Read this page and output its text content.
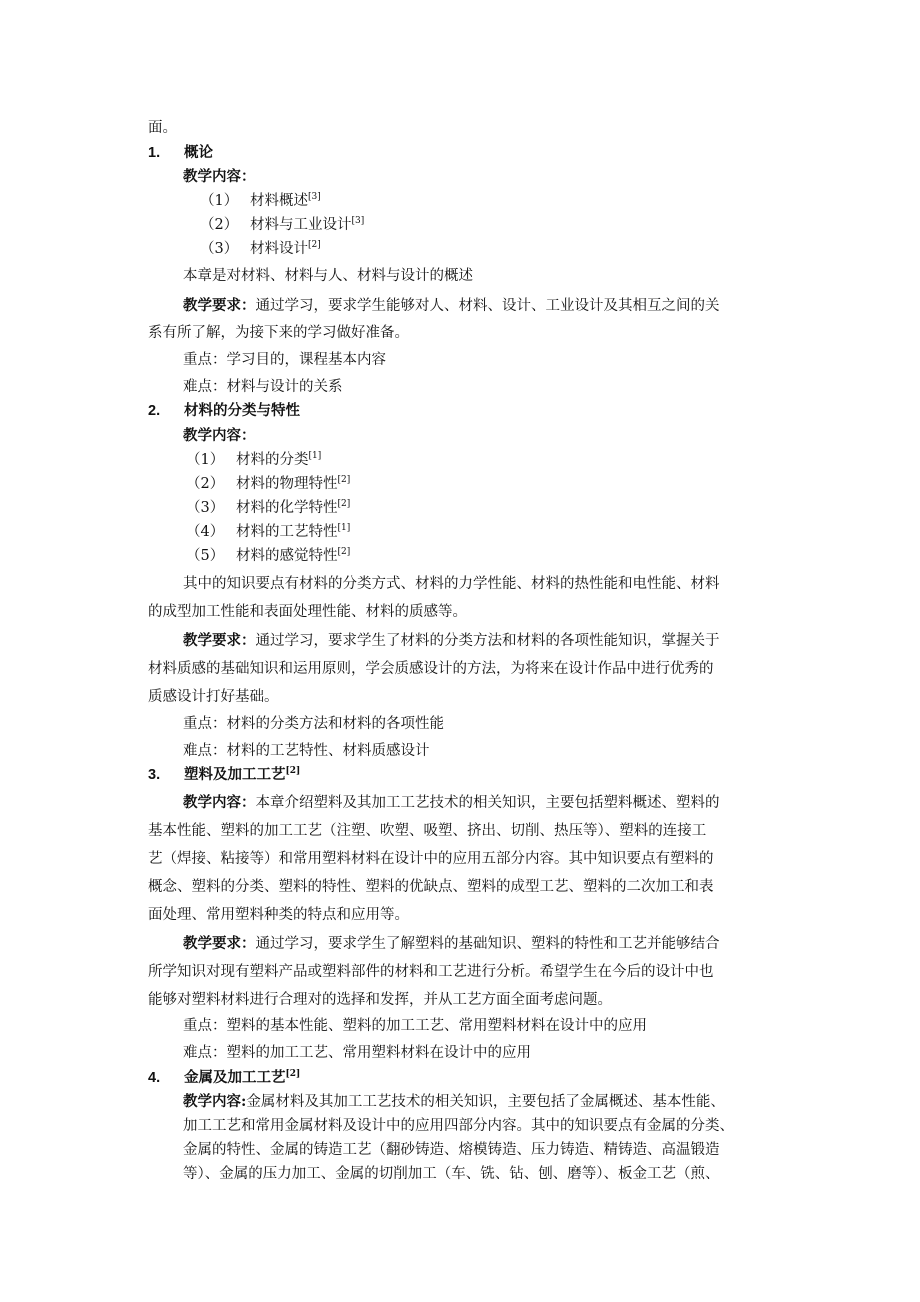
面。
1. 概论
教学内容：
（1） 材料概述[3]
（2） 材料与工业设计[3]
（3） 材料设计[2]
本章是对材料、材料与人、材料与设计的概述
教学要求：通过学习，要求学生能够对人、材料、设计、工业设计及其相互之间的关
系有所了解，为接下来的学习做好准备。
重点：学习目的，课程基本内容
难点：材料与设计的关系
2. 材料的分类与特性
教学内容：
（1） 材料的分类[1]
（2） 材料的物理特性[2]
（3） 材料的化学特性[2]
（4） 材料的工艺特性[1]
（5） 材料的感觉特性[2]
其中的知识要点有材料的分类方式、材料的力学性能、材料的热性能和电性能、材料
的成型加工性能和表面处理性能、材料的质感等。
教学要求：通过学习，要求学生了材料的分类方法和材料的各项性能知识，掌握关于
材料质感的基础知识和运用原则，学会质感设计的方法，为将来在设计作品中进行优秀的
质感设计打好基础。
重点：材料的分类方法和材料的各项性能
难点：材料的工艺特性、材料质感设计
3. 塑料及加工工艺[2]
教学内容：本章介绍塑料及其加工工艺技术的相关知识，主要包括塑料概述、塑料的
基本性能、塑料的加工工艺（注塑、吹塑、吸塑、挤出、切削、热压等）、塑料的连接工
艺（焊接、粘接等）和常用塑料材料在设计中的应用五部分内容。其中知识要点有塑料的
概念、塑料的分类、塑料的特性、塑料的优缺点、塑料的成型工艺、塑料的二次加工和表
面处理、常用塑料种类的特点和应用等。
教学要求：通过学习，要求学生了解塑料的基础知识、塑料的特性和工艺并能够结合
所学知识对现有塑料产品或塑料部件的材料和工艺进行分析。希望学生在今后的设计中也
能够对塑料材料进行合理对的选择和发挥，并从工艺方面全面考虑问题。
重点：塑料的基本性能、塑料的加工工艺、常用塑料材料在设计中的应用
难点：塑料的加工工艺、常用塑料材料在设计中的应用
4. 金属及加工工艺[2]
教学内容:金属材料及其加工工艺技术的相关知识，主要包括了金属概述、基本性能、
加工工艺和常用金属材料及设计中的应用四部分内容。其中的知识要点有金属的分类、
金属的特性、金属的铸造工艺（翻砂铸造、熔模铸造、压力铸造、精铸造、高温锻造
等）、金属的压力加工、金属的切削加工（车、铣、钻、刨、磨等）、板金工艺（煎、
